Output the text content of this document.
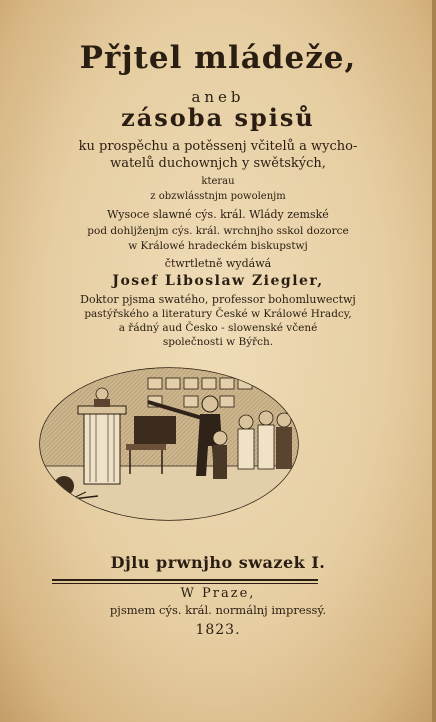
Přjtel mládeže,

aneb

zásoba spisů

ku prospěchu a potěssenj včitelů a wycho-

watelů duchownjch y swětských,

kterau

z obzwlásstnjm powolenjm

Wysoce slawné cýs. král. Wlády zemské

pod dohljženjm cýs. král. wrchnjho sskol dozorce

w Králowé hradeckém biskupstwj

čtwrtletně wydáwá

Josef Liboslaw Ziegler,

Doktor pjsma swatého, professor bohomluwectwj

pastýřského a literatury České w Králowé Hradcy,

a řádný aud Česko - slowenské včené

společnosti w Býřch.

Djlu prwnjho swazek I.

W Praze,

pjsmem cýs. král. normálnj impressý.

1823.
